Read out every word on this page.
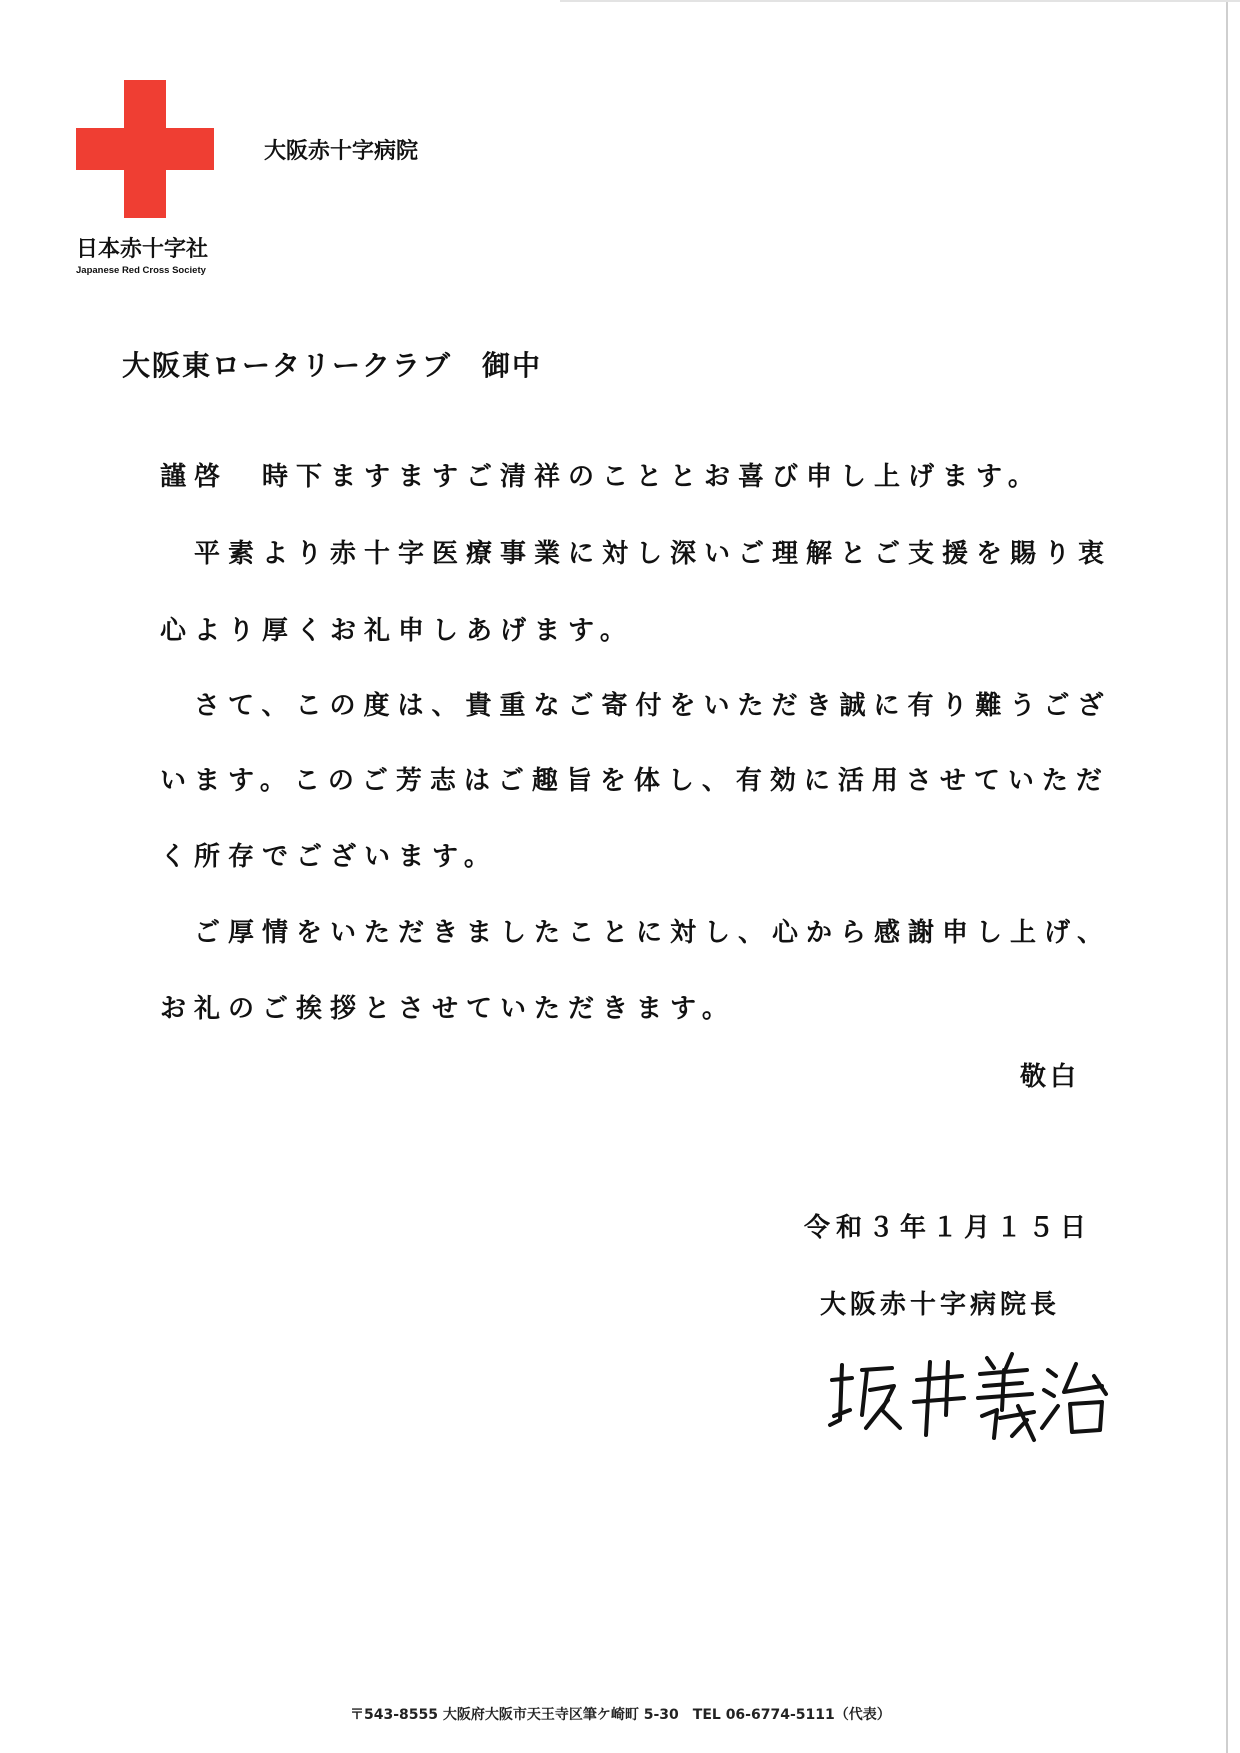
日本赤十字社
Japanese Red Cross Society
大阪赤十字病院
大阪東ロータリークラブ 御中
謹啓　時下ますますご清祥のこととお喜び申し上げます。
　平素より赤十字医療事業に対し深いご理解とご支援を賜り衷
心より厚くお礼申しあげます。
　さて、この度は、貴重なご寄付をいただき誠に有り難うござ
います。このご芳志はご趣旨を体し、有効に活用させていただ
く所存でございます。
　ご厚情をいただきましたことに対し、心から感謝申し上げ、
お礼のご挨拶とさせていただきます。
敬白
令和３年１月１５日
大阪赤十字病院長
〒543-8555 大阪府大阪市天王寺区筆ケ崎町 5-30　TEL 06-6774-5111（代表）
